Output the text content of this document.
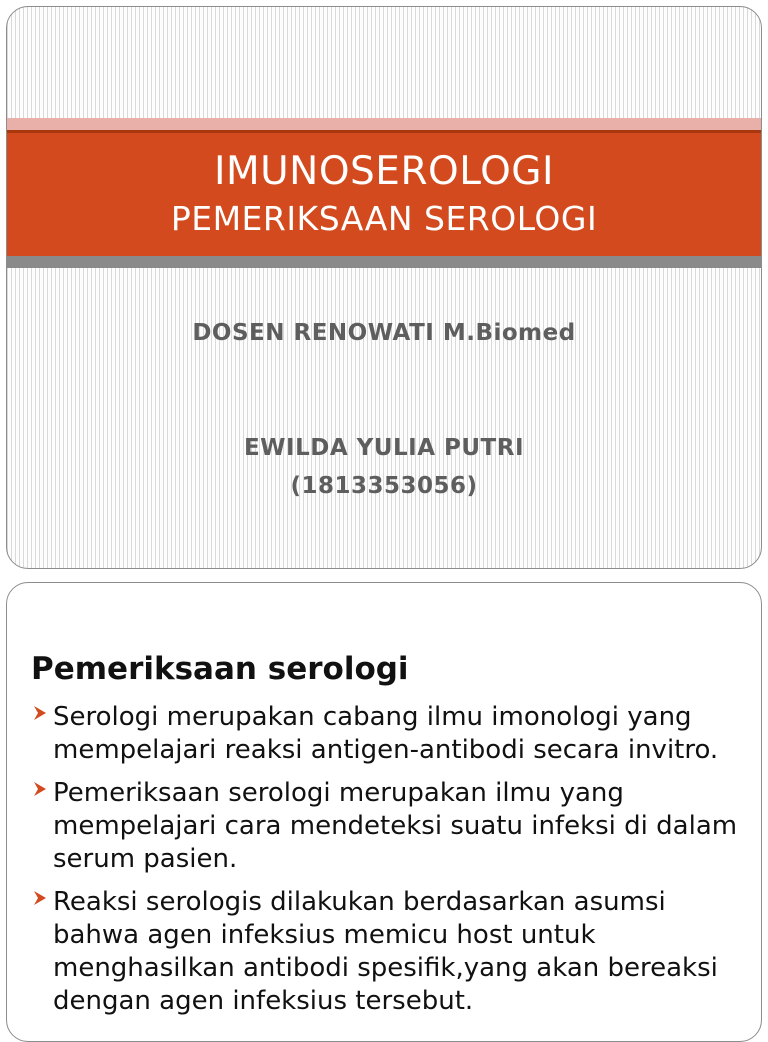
IMUNOSEROLOGI
PEMERIKSAAN SEROLOGI
DOSEN RENOWATI M.Biomed
EWILDA YULIA PUTRI
(1813353056)
Pemeriksaan serologi
Serologi merupakan cabang ilmu imonologi yang mempelajari reaksi antigen-antibodi secara invitro.
Pemeriksaan serologi merupakan ilmu yang mempelajari cara mendeteksi suatu infeksi di dalam serum pasien.
Reaksi serologis dilakukan berdasarkan asumsi bahwa agen infeksius memicu host untuk menghasilkan antibodi spesifik,yang akan bereaksi dengan agen infeksius tersebut.
